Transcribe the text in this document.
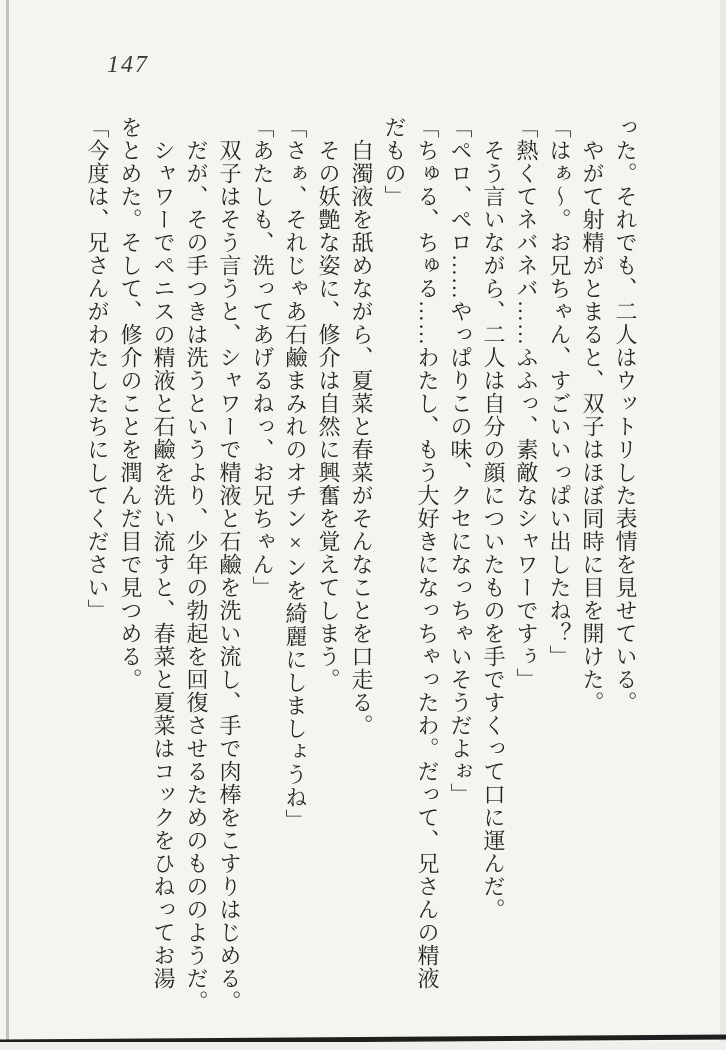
147
った。それでも、二人はウットリした表情を見せている。
やがて射精がとまると、双子はほぼ同時に目を開けた。
「はぁ～。お兄ちゃん、すごいいっぱい出したね？」
「熱くてネバネバ……ふふっ、素敵なシャワーですぅ」
そう言いながら、二人は自分の顔についたものを手ですくって口に運んだ。
「ペロ、ペロ……やっぱりこの味、クセになっちゃいそうだよぉ」
「ちゅる、ちゅる……わたし、もう大好きになっちゃったわ。だって、兄さんの精液
だもの」
白濁液を舐めながら、夏菜と春菜がそんなことを口走る。
その妖艶な姿に、修介は自然に興奮を覚えてしまう。
「さぁ、それじゃあ石鹼まみれのオチン×ンを綺麗にしましょうね」
「あたしも、洗ってあげるねっ、お兄ちゃん」
双子はそう言うと、シャワーで精液と石鹼を洗い流し、手で肉棒をこすりはじめる。
だが、その手つきは洗うというより、少年の勃起を回復させるためのもののようだ。
シャワーでペニスの精液と石鹼を洗い流すと、春菜と夏菜はコックをひねってお湯
をとめた。そして、修介のことを潤んだ目で見つめる。
「今度は、兄さんがわたしたちにしてください」
